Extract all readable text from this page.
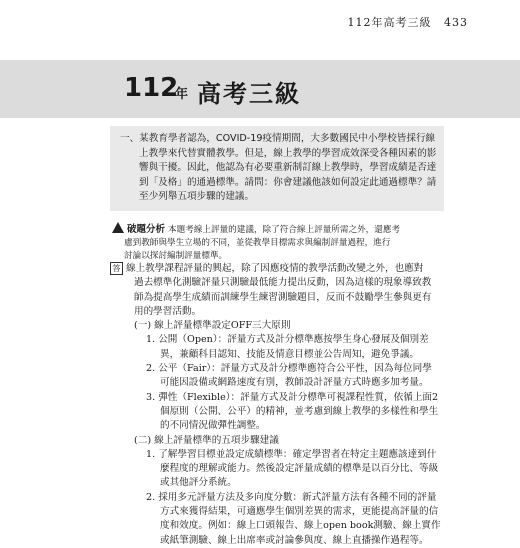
112年高考三級 433
112
年 高考三級
一、某教育學者認為，COVID-19疫情期間，大多數國民中小學校皆採行線
上教學來代替實體教學。但是，線上教學的學習成效深受各種因素的影
響與干擾。因此，他認為有必要重新制訂線上教學時，學習成績是否達
到「及格」的通過標準。請問：你會建議他該如何設定此通過標準？請
至少列舉五項步驟的建議。
破題分析 本題考線上評量的建議，除了符合線上評量所需之外，還應考
慮到教師與學生立場的不同，並從教學目標需求與編制評量過程，進行
討論以探討編制評量標準。
答 線上教學課程評量的興起，除了因應疫情的教學活動改變之外，也應對
過去標準化測驗評量只測驗最低能力提出反動，因為這樣的現象導致教
師為提高學生成績而訓練學生練習測驗題目，反而不鼓勵學生參與更有
用的學習活動。
(一) 線上評量標準設定OFF三大原則
1. 公開（Open）：評量方式及計分標準應按學生身心發展及個別差
異，兼顧科目認知、技能及情意目標並公告周知，避免爭議。
2. 公平（Fair）：評量方式及計分標準應符合公平性，因為每位同學
可能因設備或網路速度有別，教師設計評量方式時應多加考量。
3. 彈性（Flexible）：評量方式及計分標準可視課程性質，依循上面2
個原則（公開、公平）的精神，並考慮到線上教學的多樣性和學生
的不同情況做彈性調整。
(二) 線上評量標準的五項步驟建議
1. 了解學習目標並設定成績標準：確定學習者在特定主題應該達到什
麼程度的理解或能力。然後設定評量成績的標準是以百分比、等級
或其他評分系統。
2. 採用多元評量方法及多向度分數：新式評量方法有各種不同的評量
方式來獲得結果，可適應學生個別差異的需求，更能提高評量的信
度和效度。例如：線上口頭報告、線上open book測驗、線上實作
或紙筆測驗、線上出席率或討論參與度、線上直播操作過程等。
